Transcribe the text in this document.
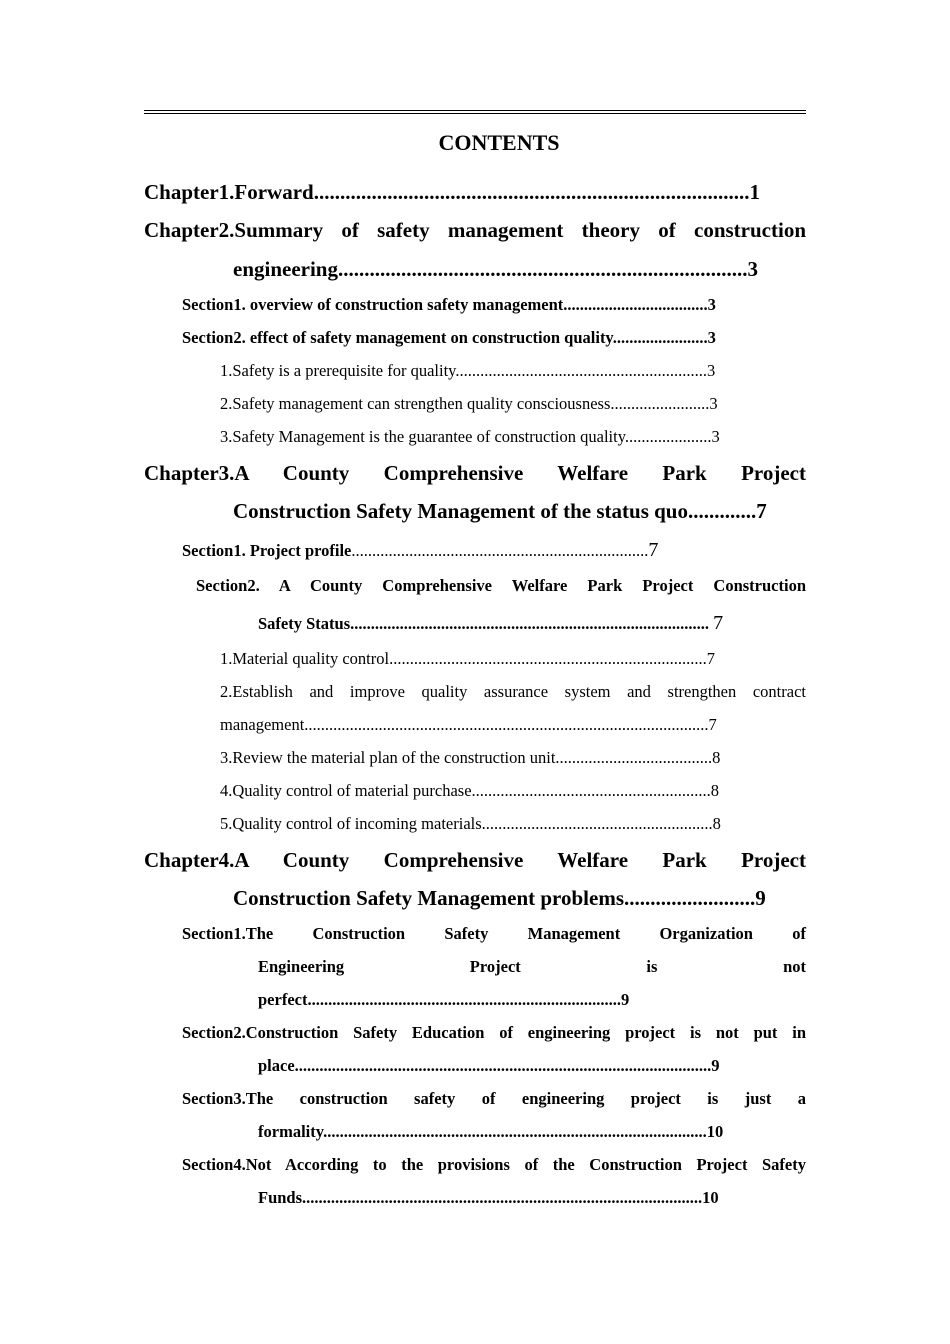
CONTENTS

Chapter1.Forward...................................................................................1

Chapter2.Summary of safety management theory of construction

engineering..............................................................................3

Section1. overview of construction safety management...................................3

Section2. effect of safety management on construction quality.......................3

1.Safety is a prerequisite for quality.............................................................3

2.Safety management can strengthen quality consciousness........................3

3.Safety Management is the guarantee of construction quality.....................3

Chapter3.A County Comprehensive Welfare Park Project

Construction Safety Management of the status quo.............7

Section1. Project profile........................................................................7

Section2. A County Comprehensive Welfare Park Project Construction

Safety Status....................................................................................... 7

1.Material quality control.............................................................................7

2.Establish and improve quality assurance system and strengthen contract

management..................................................................................................7

3.Review the material plan of the construction unit......................................8

4.Quality control of material purchase..........................................................8

5.Quality control of incoming materials........................................................8

Chapter4.A County Comprehensive Welfare Park Project

Construction Safety Management problems.........................9

Section1.The Construction Safety Management Organization of

Engineering Project is not

perfect............................................................................9

Section2.Construction Safety Education of engineering project is not put in

place.....................................................................................................9

Section3.The construction safety of engineering project is just a

formality.............................................................................................10

Section4.Not According to the provisions of the Construction Project Safety

Funds.................................................................................................10
